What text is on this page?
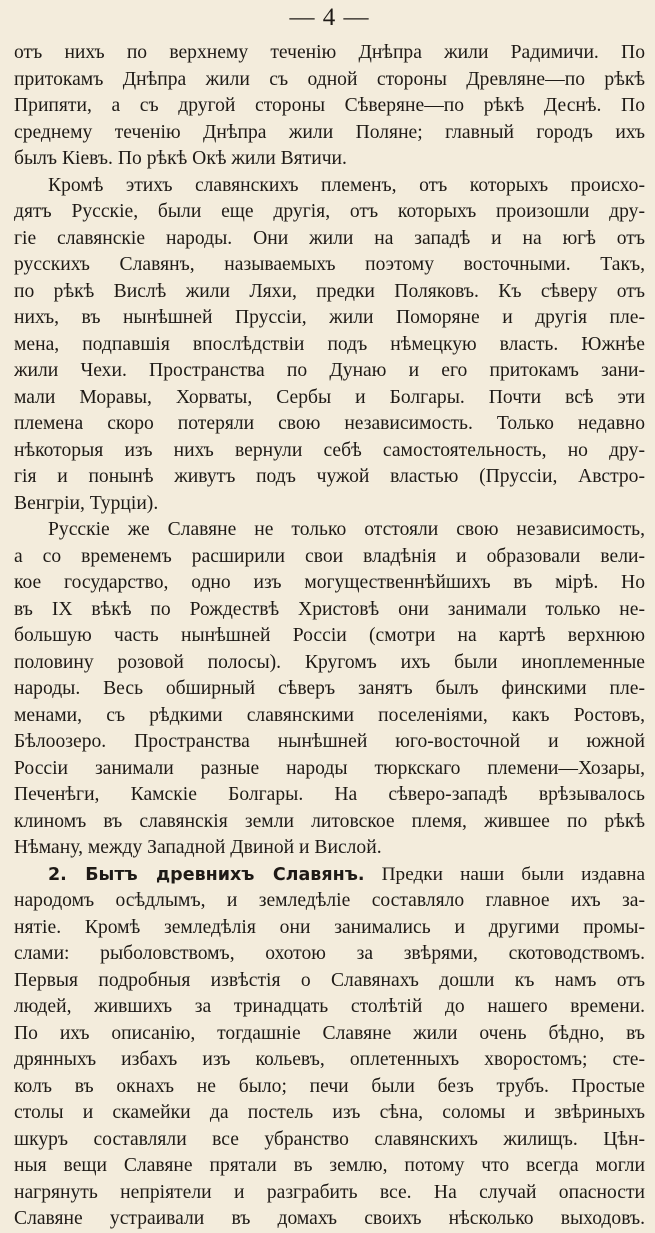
— 4 —
отъ нихъ по верхнему теченію Днѣпра жили Радимичи. По
притокамъ Днѣпра жили съ одной стороны Древляне—по рѣкѣ
Припяти, а съ другой стороны Сѣверяне—по рѣкѣ Деснѣ. По
среднему теченію Днѣпра жили Поляне; главный городъ ихъ
былъ Кіевъ. По рѣкѣ Окѣ жили Вятичи.
Кромѣ этихъ славянскихъ племенъ, отъ которыхъ происхо-
дятъ Русскіе, были еще другія, отъ которыхъ произошли дру-
гіе славянскіе народы. Они жили на западѣ и на югѣ отъ
русскихъ Славянъ, называемыхъ поэтому восточными. Такъ,
по рѣкѣ Вислѣ жили Ляхи, предки Поляковъ. Къ сѣверу отъ
нихъ, въ нынѣшней Пруссіи, жили Поморяне и другія пле-
мена, подпавшія впослѣдствіи подъ нѣмецкую власть. Южнѣе
жили Чехи. Пространства по Дунаю и его притокамъ зани-
мали Моравы, Хорваты, Сербы и Болгары. Почти всѣ эти
племена скоро потеряли свою независимость. Только недавно
нѣкоторыя изъ нихъ вернули себѣ самостоятельность, но дру-
гія и понынѣ живутъ подъ чужой властью (Пруссіи, Австро-
Венгріи, Турціи).
Русскіе же Славяне не только отстояли свою независимость,
а со временемъ расширили свои владѣнія и образовали вели-
кое государство, одно изъ могущественнѣйшихъ въ мірѣ. Но
въ IX вѣкѣ по Рождествѣ Христовѣ они занимали только не-
большую часть нынѣшней Россіи (смотри на картѣ верхнюю
половину розовой полосы). Кругомъ ихъ были иноплеменные
народы. Весь обширный сѣверъ занятъ былъ финскими пле-
менами, съ рѣдкими славянскими поселеніями, какъ Ростовъ,
Бѣлоозеро. Пространства нынѣшней юго-восточной и южной
Россіи занимали разные народы тюркскаго племени—Хозары,
Печенѣги, Камскіе Болгары. На сѣверо-западѣ врѣзывалось
клиномъ въ славянскія земли литовское племя, жившее по рѣкѣ
Нѣману, между Западной Двиной и Вислой.
2. Бытъ древнихъ Славянъ. Предки наши были издавна
народомъ осѣдлымъ, и земледѣліе составляло главное ихъ за-
нятіе. Кромѣ земледѣлія они занимались и другими промы-
слами: рыболовствомъ, охотою за звѣрями, скотоводствомъ.
Первыя подробныя извѣстія о Славянахъ дошли къ намъ отъ
людей, жившихъ за тринадцать столѣтій до нашего времени.
По ихъ описанію, тогдашніе Славяне жили очень бѣдно, въ
дрянныхъ избахъ изъ кольевъ, оплетенныхъ хворостомъ; сте-
колъ въ окнахъ не было; печи были безъ трубъ. Простые
столы и скамейки да постель изъ сѣна, соломы и звѣриныхъ
шкуръ составляли все убранство славянскихъ жилищъ. Цѣн-
ныя вещи Славяне прятали въ землю, потому что всегда могли
нагрянуть непріятели и разграбить все. На случай опасности
Славяне устраивали въ домахъ своихъ нѣсколько выходовъ.
